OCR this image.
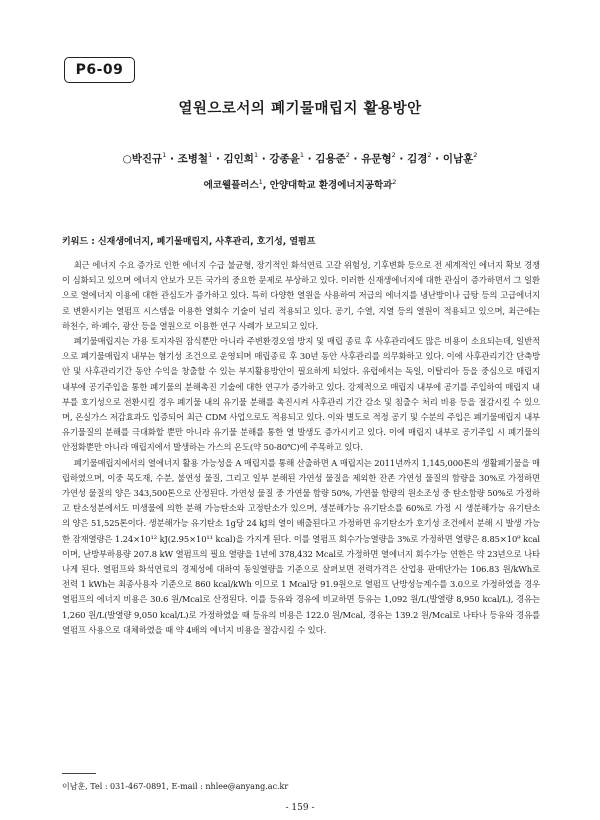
P6-09
열원으로서의 폐기물매립지 활용방안
○박진규$^1$ · 조병철$^1$ · 김인희$^1$ · 강종윤$^1$ · 김용준$^2$ · 유문형$^2$ · 김경$^2$ · 이남훈$^2$
에코웰플러스$^1$, 안양대학교 환경에너지공학과$^2$
키워드 : 신재생에너지, 폐기물매립지, 사후관리, 호기성, 열펌프

최근 에너지 수요 증가로 인한 에너지 수급 불균형, 장기적인 화석연료 고갈 위험성, 기후변화 등으로 전 세계적인 에너지 확보 경쟁이 심화되고 있으며 에너지 안보가 모든 국가의 중요한 문제로 부상하고 있다. 이러한 신재생에너지에 대한 관심이 증가하면서 그 일환으로 열에너지 이용에 대한 관심도가 증가하고 있다. 특히 다양한 열원을 사용하여 저급의 에너지를 냉난방이나 급탕 등의 고급에너지로 변환시키는 열펌프 시스템을 이용한 열회수 기술이 널리 적용되고 있다. 공기, 수열, 지열 등의 열원이 적용되고 있으며, 최근에는 하천수, 하·폐수, 광산 등을 열원으로 이용한 연구 사례가 보고되고 있다.

폐기물매립지는 가용 토지자원 잠식뿐만 아니라 주변환경오염 방지 및 매립 종료 후 사후관리에도 많은 비용이 소요되는데, 일반적으로 폐기물매립지 내부는 혐기성 조건으로 운영되며 매립종료 후 30년 동안 사후관리를 의무화하고 있다. 이에 사후관리기간 단축방안 및 사후관리기간 동안 수익을 창출할 수 있는 부지활용방안이 필요하게 되었다. 유럽에서는 독일, 이탈리아 등을 중심으로 매립지 내부에 공기주입을 통한 폐기물의 분해촉진 기술에 대한 연구가 증가하고 있다. 강제적으로 매립지 내부에 공기를 주입하여 매립지 내부를 호기성으로 전환시킬 경우 폐기물 내의 유기물 분해를 촉진시켜 사후관리 기간 감소 및 침출수 처리 비용 등을 절감시킬 수 있으며, 온실가스 저감효과도 입증되어 최근 CDM 사업으로도 적용되고 있다. 이와 별도로 적정 공기 및 수분의 주입은 폐기물매립지 내부 유기물질의 분해를 극대화할 뿐만 아니라 유기물 분해를 통한 열 발생도 증가시키고 있다. 이에 매립지 내부로 공기주입 시 폐기물의 안정화뿐만 아니라 매립지에서 발생하는 가스의 온도(약 50-80℃)에 주목하고 있다.

폐기물매립지에서의 열에너지 활용 가능성을 A 매립지를 통해 산출하면 A 매립지는 2011년까지 1,145,000톤의 생활폐기물을 매립하였으며, 이중 목도재, 수분, 불연성 물질, 그리고 일부 분해된 가연성 물질을 제외한 잔존 가연성 물질의 함량을 30%로 가정하면 가연성 물질의 양은 343,500톤으로 산정된다. 가연성 물질 중 가연물 함량 50%, 가연물 함량의 원소조성 중 탄소함량 50%로 가정하고 탄소성분에서도 미생물에 의한 분해 가능탄소와 고정탄소가 있으며, 생분해가능 유기탄소를 60%로 가정 시 생분해가능 유기탄소의 양은 51,525톤이다. 생분해가능 유기탄소 1g당 24 kJ의 열이 배출된다고 가정하면 유기탄소가 호기성 조건에서 분해 시 발생 가능한 잠재열량은 1.24×10¹² kJ(2.95×10¹¹ kcal)을 가지게 된다. 이를 열펌프 회수가능열량을 3%로 가정하면 열량은 8.85×10⁹ kcal이며, 난방부하용량 207.8 kW 열펌프의 필요 열량을 1년에 378,432 Mcal로 가정하면 열에너지 회수가능 연한은 약 23년으로 나타나게 된다. 열펌프와 화석연료의 경제성에 대하여 동일열량을 기준으로 살펴보면 전력가격은 산업용 판매단가는 106.83 원/kWh로 전력 1 kWh는 최종사용자 기준으로 860 kcal/kWh 이므로 1 Mcal당 91.9원으로 열펌프 난방성능계수를 3.0으로 가정하였을 경우 열펌프의 에너지 비용은 30.6 원/Mcal로 산정된다. 이를 등유와 경유에 비교하면 등유는 1,092 원/L(발열량 8,950 kcal/L), 경유는 1,260 원/L(발열량 9,050 kcal/L)로 가정하였을 때 등유의 비용은 122.0 원/Mcal, 경유는 139.2 원/Mcal로 나타나 등유와 경유를 열펌프 사용으로 대체하였을 때 약 4배의 에너지 비용을 절감시킬 수 있다.

이남훈, Tel : 031-467-0891, E-mail : nhlee@anyang.ac.kr
- 159 -
